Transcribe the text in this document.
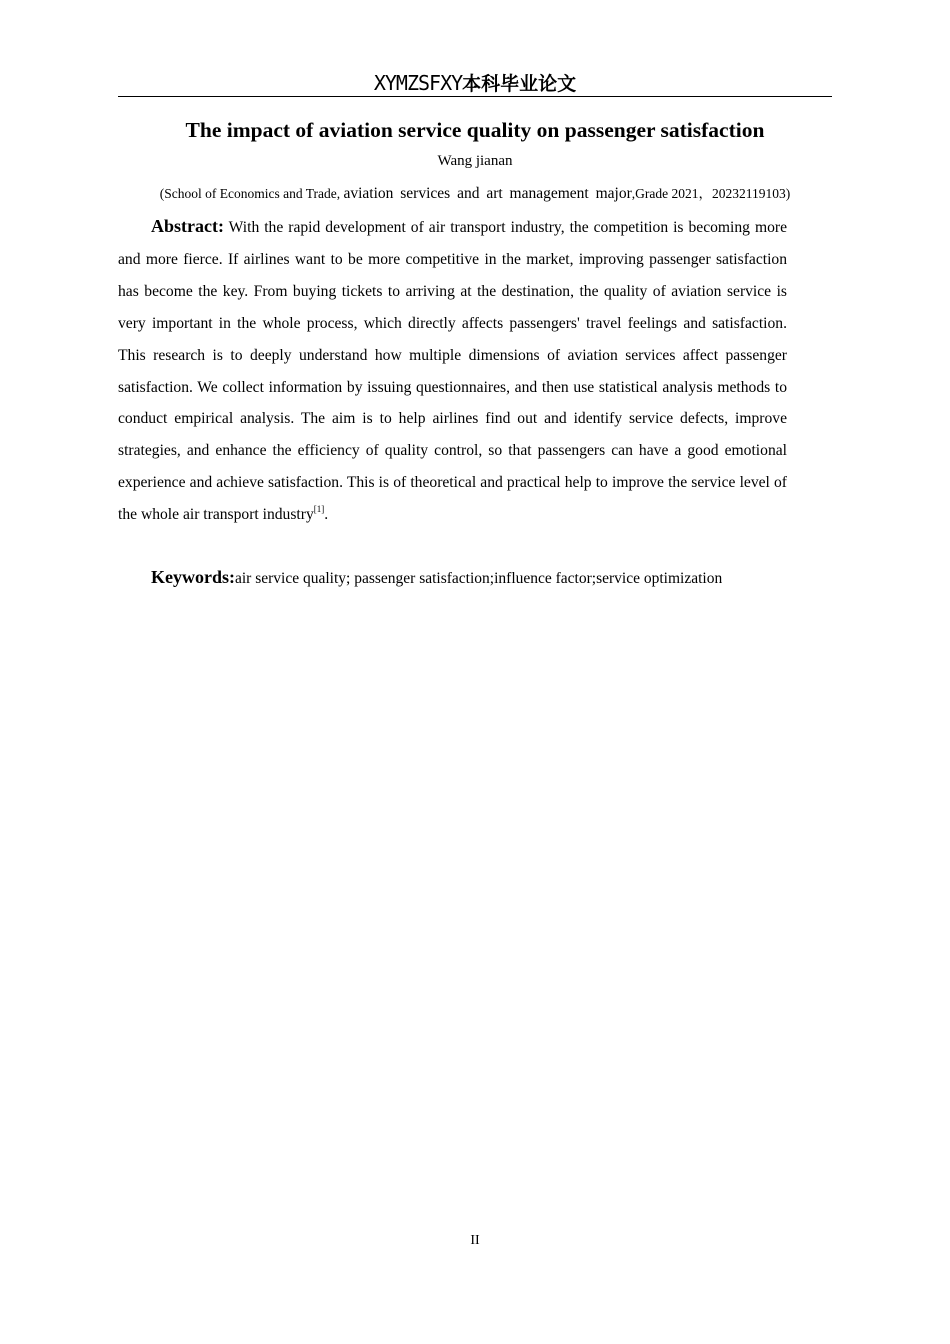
XYMZSFXY本科毕业论文
The impact of aviation service quality on passenger satisfaction
Wang jianan
(School of Economics and Trade, aviation services and art management major,Grade 2021，20232119103)

Abstract: With the rapid development of air transport industry, the competition is becoming more and more fierce. If airlines want to be more competitive in the market, improving passenger satisfaction has become the key. From buying tickets to arriving at the destination, the quality of aviation service is very important in the whole process, which directly affects passengers' travel feelings and satisfaction. This research is to deeply understand how multiple dimensions of aviation services affect passenger satisfaction. We collect information by issuing questionnaires, and then use statistical analysis methods to conduct empirical analysis. The aim is to help airlines find out and identify service defects, improve strategies, and enhance the efficiency of quality control, so that passengers can have a good emotional experience and achieve satisfaction. This is of theoretical and practical help to improve the service level of the whole air transport industry[1].

Keywords:air service quality; passenger satisfaction;influence factor;service optimization

II
